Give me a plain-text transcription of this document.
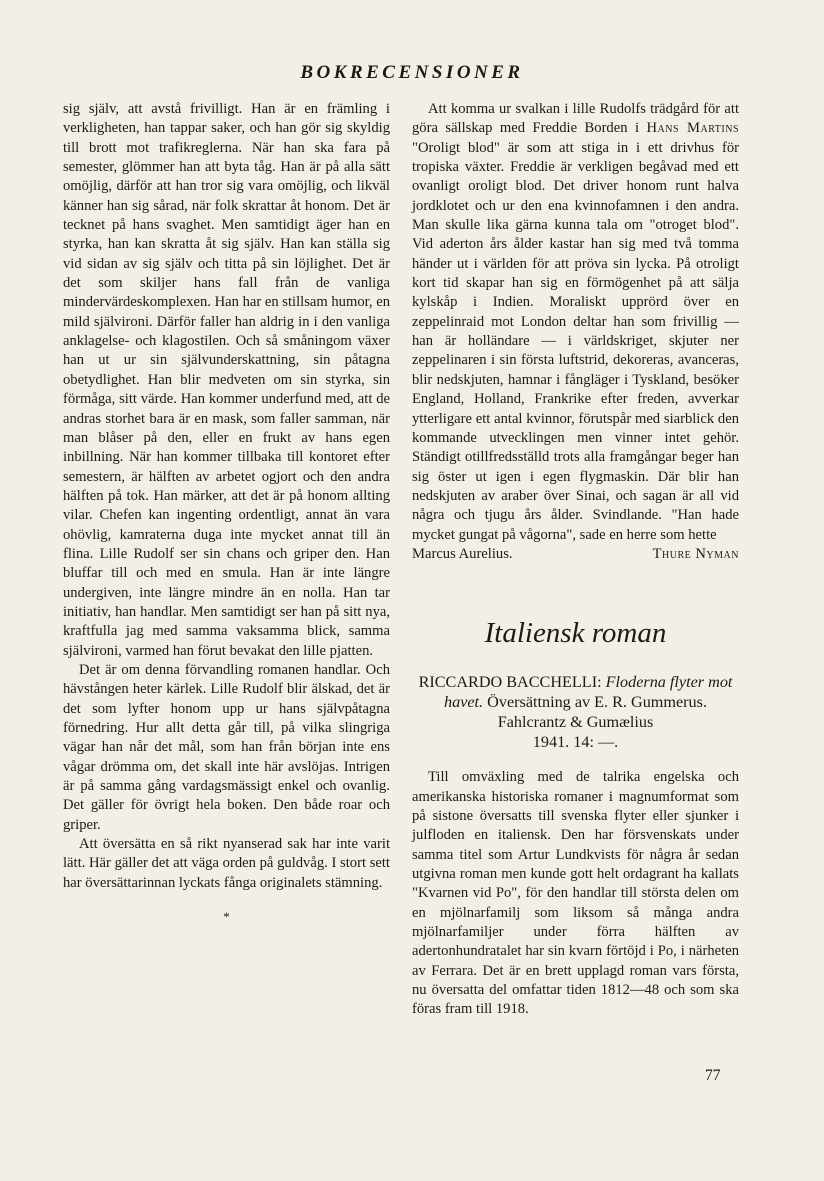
BOKRECENSIONER

sig själv, att avstå frivilligt. Han är en främling i verkligheten, han tappar saker, och han gör sig skyldig till brott mot trafikreglerna. När han ska fara på semester, glömmer han att byta tåg. Han är på alla sätt omöjlig, därför att han tror sig vara omöjlig, och likväl känner han sig sårad, när folk skrattar åt honom. Det är tecknet på hans svaghet. Men samtidigt äger han en styrka, han kan skratta åt sig själv. Han kan ställa sig vid sidan av sig själv och titta på sin löjlighet. Det är det som skiljer hans fall från de vanliga mindervärdeskomplexen. Han har en stillsam humor, en mild självironi. Därför faller han aldrig in i den vanliga anklagelse- och klagostilen. Och så småningom växer han ut ur sin självunderskattning, sin påtagna obetydlighet. Han blir medveten om sin styrka, sin förmåga, sitt värde. Han kommer underfund med, att de andras storhet bara är en mask, som faller samman, när man blåser på den, eller en frukt av hans egen inbillning. När han kommer tillbaka till kontoret efter semestern, är hälften av arbetet ogjort och den andra hälften på tok. Han märker, att det är på honom allting vilar. Chefen kan ingenting ordentligt, annat än vara ohövlig, kamraterna duga inte mycket annat till än flina. Lille Rudolf ser sin chans och griper den. Han bluffar till och med en smula. Han är inte längre undergiven, inte längre mindre än en nolla. Han tar initiativ, han handlar. Men samtidigt ser han på sitt nya, kraftfulla jag med samma vaksamma blick, samma självironi, varmed han förut bevakat den lille pjatten.

Det är om denna förvandling romanen handlar. Och hävstången heter kärlek. Lille Rudolf blir älskad, det är det som lyfter honom upp ur hans självpåtagna förnedring. Hur allt detta går till, på vilka slingriga vägar han når det mål, som han från början inte ens vågar drömma om, det skall inte här avslöjas. Intrigen är på samma gång vardagsmässigt enkel och ovanlig. Det gäller för övrigt hela boken. Den både roar och griper.

Att översätta en så rikt nyanserad sak har inte varit lätt. Här gäller det att väga orden på guldvåg. I stort sett har översättarinnan lyckats fånga originalets stämning.

*

Att komma ur svalkan i lille Rudolfs trädgård för att göra sällskap med Freddie Borden i Hans Martins "Oroligt blod" är som att stiga in i ett drivhus för tropiska växter. Freddie är verkligen begåvad med ett ovanligt oroligt blod. Det driver honom runt halva jordklotet och ur den ena kvinnofamnen i den andra. Man skulle lika gärna kunna tala om "otroget blod". Vid aderton års ålder kastar han sig med två tomma händer ut i världen för att pröva sin lycka. På otroligt kort tid skapar han sig en förmögenhet på att sälja kylskåp i Indien. Moraliskt upprörd över en zeppelinraid mot London deltar han som frivillig — han är holländare — i världskriget, skjuter ner zeppelinaren i sin första luftstrid, dekoreras, avanceras, blir nedskjuten, hamnar i fångläger i Tyskland, besöker England, Holland, Frankrike efter freden, avverkar ytterligare ett antal kvinnor, förutspår med siarblick den kommande utvecklingen men vinner intet gehör. Ständigt otillfredsställd trots alla framgångar beger han sig öster ut igen i egen flygmaskin. Där blir han nedskjuten av araber över Sinai, och sagan är all vid några och tjugu års ålder. Svindlande. "Han hade mycket gungat på vågorna", sade en herre som hette

Marcus Aurelius.	Thure Nyman
Italiensk roman
RICCARDO BACCHELLI: Floderna flyter mot havet. Översättning av E. R. Gummerus.
Fahlcrantz & Gumælius
1941. 14: —.

Till omväxling med de talrika engelska och amerikanska historiska romaner i magnumformat som på sistone översatts till svenska flyter eller sjunker i julfloden en italiensk. Den har försvenskats under samma titel som Artur Lundkvists för några år sedan utgivna roman men kunde gott helt ordagrant ha kallats "Kvarnen vid Po", för den handlar till största delen om en mjölnarfamilj som liksom så många andra mjölnarfamiljer under förra hälften av adertonhundratalet har sin kvarn förtöjd i Po, i närheten av Ferrara. Det är en brett upplagd roman vars första, nu översatta del omfattar tiden 1812—48 och som ska föras fram till 1918.

77
